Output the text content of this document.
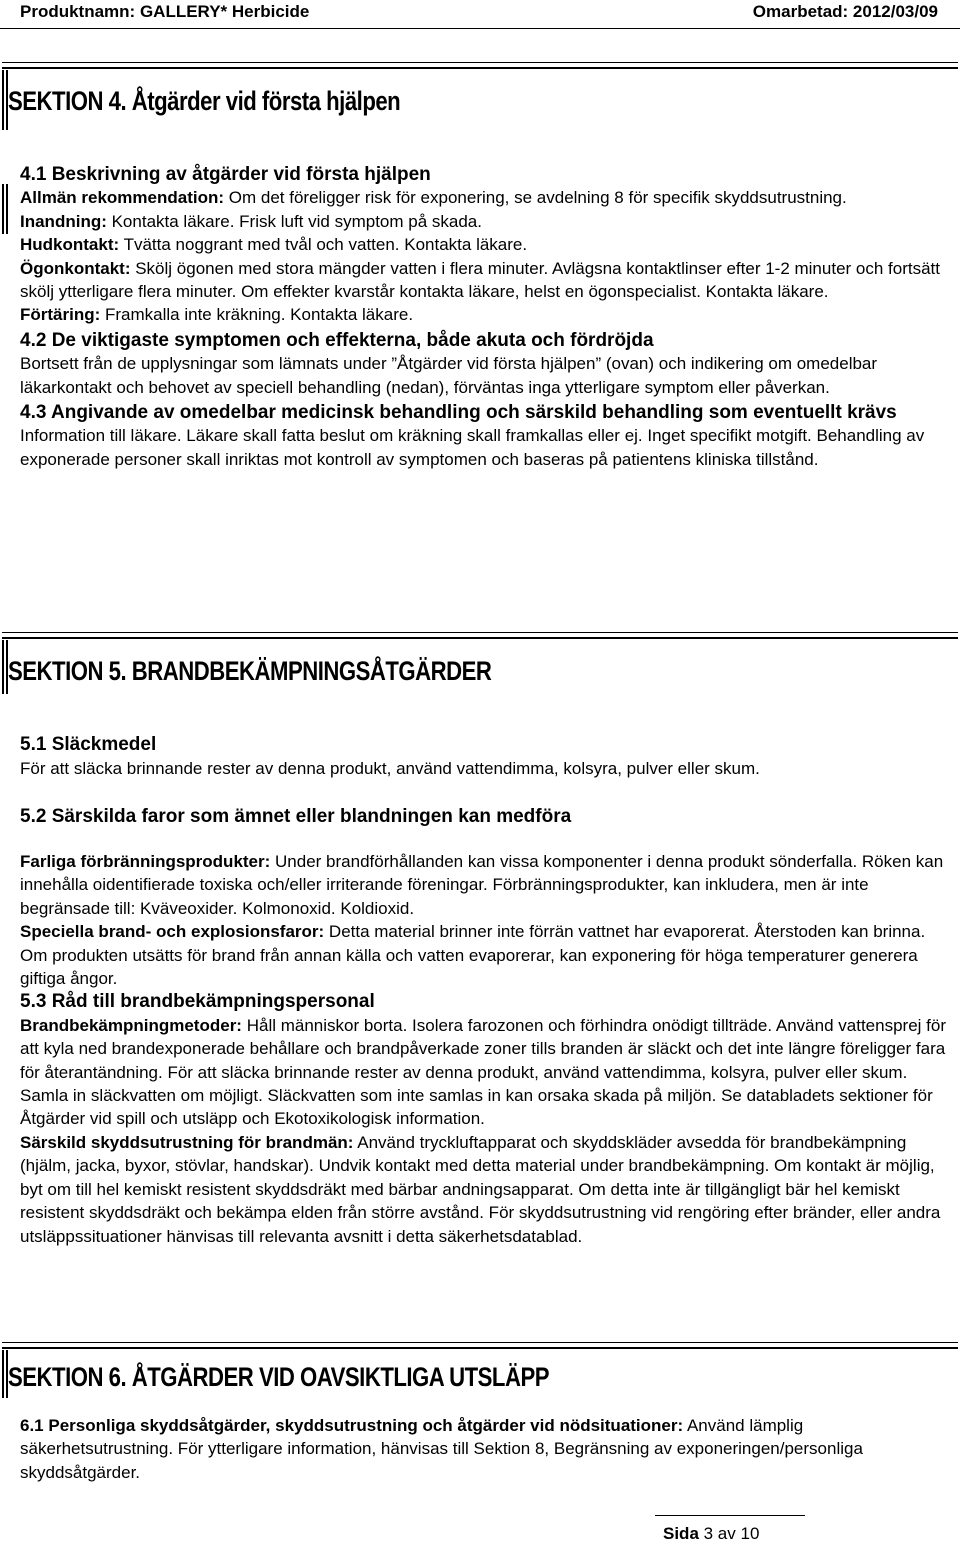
Produktnamn: GALLERY* Herbicide	Omarbetad: 2012/03/09
SEKTION 4. Åtgärder vid första hjälpen
4.1 Beskrivning av åtgärder vid första hjälpen
Allmän rekommendation: Om det föreligger risk för exponering, se avdelning 8 för specifik skyddsutrustning.
Inandning: Kontakta läkare. Frisk luft vid symptom på skada.
Hudkontakt: Tvätta noggrant med tvål och vatten. Kontakta läkare.
Ögonkontakt: Skölj ögonen med stora mängder vatten i flera minuter. Avlägsna kontaktlinser efter 1-2 minuter och fortsätt skölj ytterligare flera minuter. Om effekter kvarstår kontakta läkare, helst en ögonspecialist. Kontakta läkare.
Förtäring: Framkalla inte kräkning. Kontakta läkare.
4.2 De viktigaste symptomen och effekterna, både akuta och fördröjda
Bortsett från de upplysningar som lämnats under ”Åtgärder vid första hjälpen” (ovan) och indikering om omedelbar läkarkontakt och behovet av speciell behandling (nedan), förväntas inga ytterligare symptom eller påverkan.
4.3 Angivande av omedelbar medicinsk behandling och särskild behandling som eventuellt krävs
Information till läkare. Läkare skall fatta beslut om kräkning skall framkallas eller ej. Inget specifikt motgift. Behandling av exponerade personer skall inriktas mot kontroll av symptomen och baseras på patientens kliniska tillstånd.
SEKTION 5. BRANDBEKÄMPNINGSÅTGÄRDER
5.1 Släckmedel
För att släcka brinnande rester av denna produkt, använd vattendimma, kolsyra, pulver eller skum.
5.2 Särskilda faror som ämnet eller blandningen kan medföra
Farliga förbränningsprodukter: Under brandförhållanden kan vissa komponenter i denna produkt sönderfalla. Röken kan innehålla oidentifierade toxiska och/eller irriterande föreningar. Förbränningsprodukter, kan inkludera, men är inte begränsade till: Kväveoxider. Kolmonoxid. Koldioxid.
Speciella brand- och explosionsfaror: Detta material brinner inte förrän vattnet har evaporerat. Återstoden kan brinna. Om produkten utsätts för brand från annan källa och vatten evaporerar, kan exponering för höga temperaturer generera giftiga ångor.
5.3 Råd till brandbekämpningspersonal
Brandbekämpningmetoder: Håll människor borta. Isolera farozonen och förhindra onödigt tillträde. Använd vattensprej för att kyla ned brandexponerade behållare och brandpåverkade zoner tills branden är släckt och det inte längre föreligger fara för återantändning. För att släcka brinnande rester av denna produkt, använd vattendimma, kolsyra, pulver eller skum. Samla in släckvatten om möjligt. Släckvatten som inte samlas in kan orsaka skada på miljön. Se databladets sektioner för Åtgärder vid spill och utsläpp och Ekotoxikologisk information.
Särskild skyddsutrustning för brandmän: Använd tryckluftapparat och skyddskläder avsedda för brandbekämpning (hjälm, jacka, byxor, stövlar, handskar). Undvik kontakt med detta material under brandbekämpning. Om kontakt är möjlig, byt om till hel kemiskt resistent skyddsdräkt med bärbar andningsapparat. Om detta inte är tillgängligt bär hel kemiskt resistent skyddsdräkt och bekämpa elden från större avstånd. För skyddsutrustning vid rengöring efter bränder, eller andra utsläppssituationer hänvisas till relevanta avsnitt i detta säkerhetsdatablad.
SEKTION 6. ÅTGÄRDER VID OAVSIKTLIGA UTSLÄPP
6.1 Personliga skyddsåtgärder, skyddsutrustning och åtgärder vid nödsituationer: Använd lämplig säkerhetsutrustning. För ytterligare information, hänvisas till Sektion 8, Begränsning av exponeringen/personliga skyddsåtgärder.
Sida 3 av 10
